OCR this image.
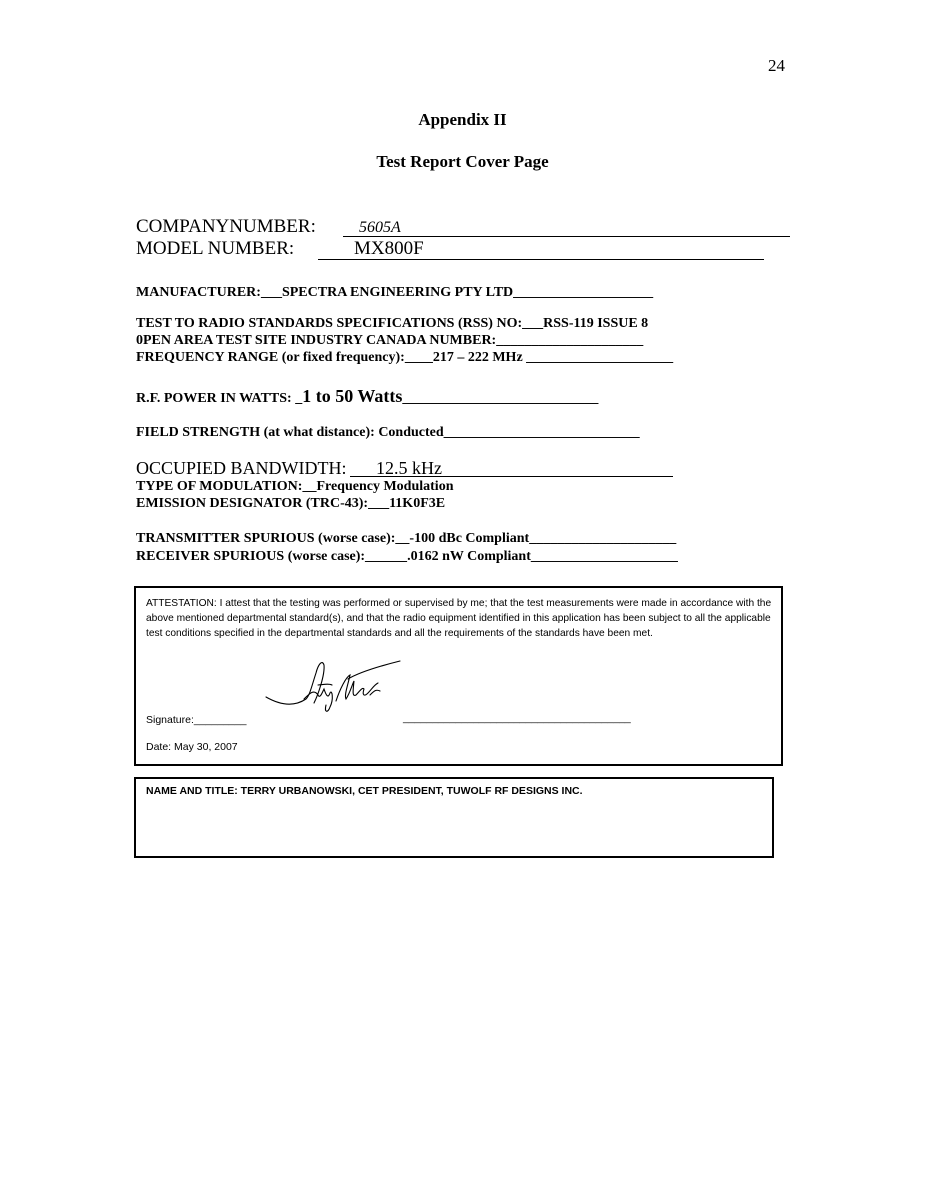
24
Appendix II
Test Report Cover Page
COMPANYNUMBER:	5605A
MODEL NUMBER:	MX800F
MANUFACTURER:___SPECTRA ENGINEERING PTY LTD____________________
TEST TO RADIO STANDARDS SPECIFICATIONS (RSS) NO:___RSS-119 ISSUE 8
0PEN AREA TEST SITE INDUSTRY CANADA NUMBER:_____________________
FREQUENCY RANGE (or fixed frequency):____217 – 222 MHz _____________________
R.F. POWER IN WATTS: _1 to 50 Watts____________________________
FIELD STRENGTH (at what distance): Conducted____________________________
OCCUPIED BANDWIDTH: 12.5 kHz
TYPE OF MODULATION:__Frequency Modulation
EMISSION DESIGNATOR (TRC-43):___11K0F3E
TRANSMITTER SPURIOUS (worse case):__-100 dBc Compliant_____________________
RECEIVER SPURIOUS (worse case):______.0162 nW Compliant_____________________
ATTESTATION: I attest that the testing was performed or supervised by me; that the test measurements were made in accordance with the above mentioned departmental standard(s), and that the radio equipment identified in this application has been subject to all the applicable test conditions specified in the departmental standards and all the requirements of the standards have been met.
Signature:_________	_______________________________________
Date: May 30, 2007
NAME AND TITLE: TERRY URBANOWSKI, CET PRESIDENT, TUWOLF RF DESIGNS INC.
